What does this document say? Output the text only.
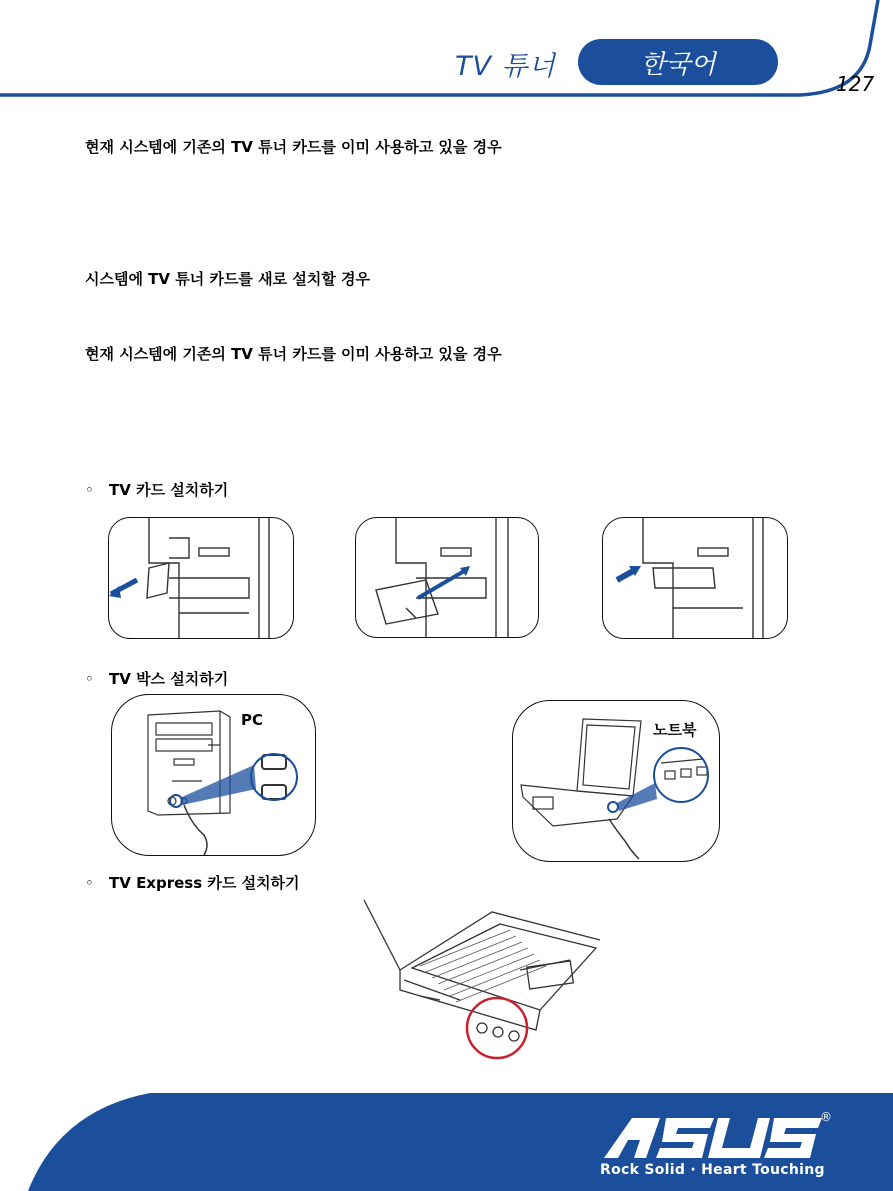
TV 튜너	한국어
127
현재 시스템에 기존의 TV 튜너 카드를 이미 사용하고 있을 경우
시스템에 TV 튜너 카드를 새로 설치할 경우
현재 시스템에 기존의 TV 튜너 카드를 이미 사용하고 있을 경우
◦ TV 카드 설치하기
◦ TV 박스 설치하기
PC
노트북
◦ TV Express 카드 설치하기
®
Rock Solid · Heart Touching
